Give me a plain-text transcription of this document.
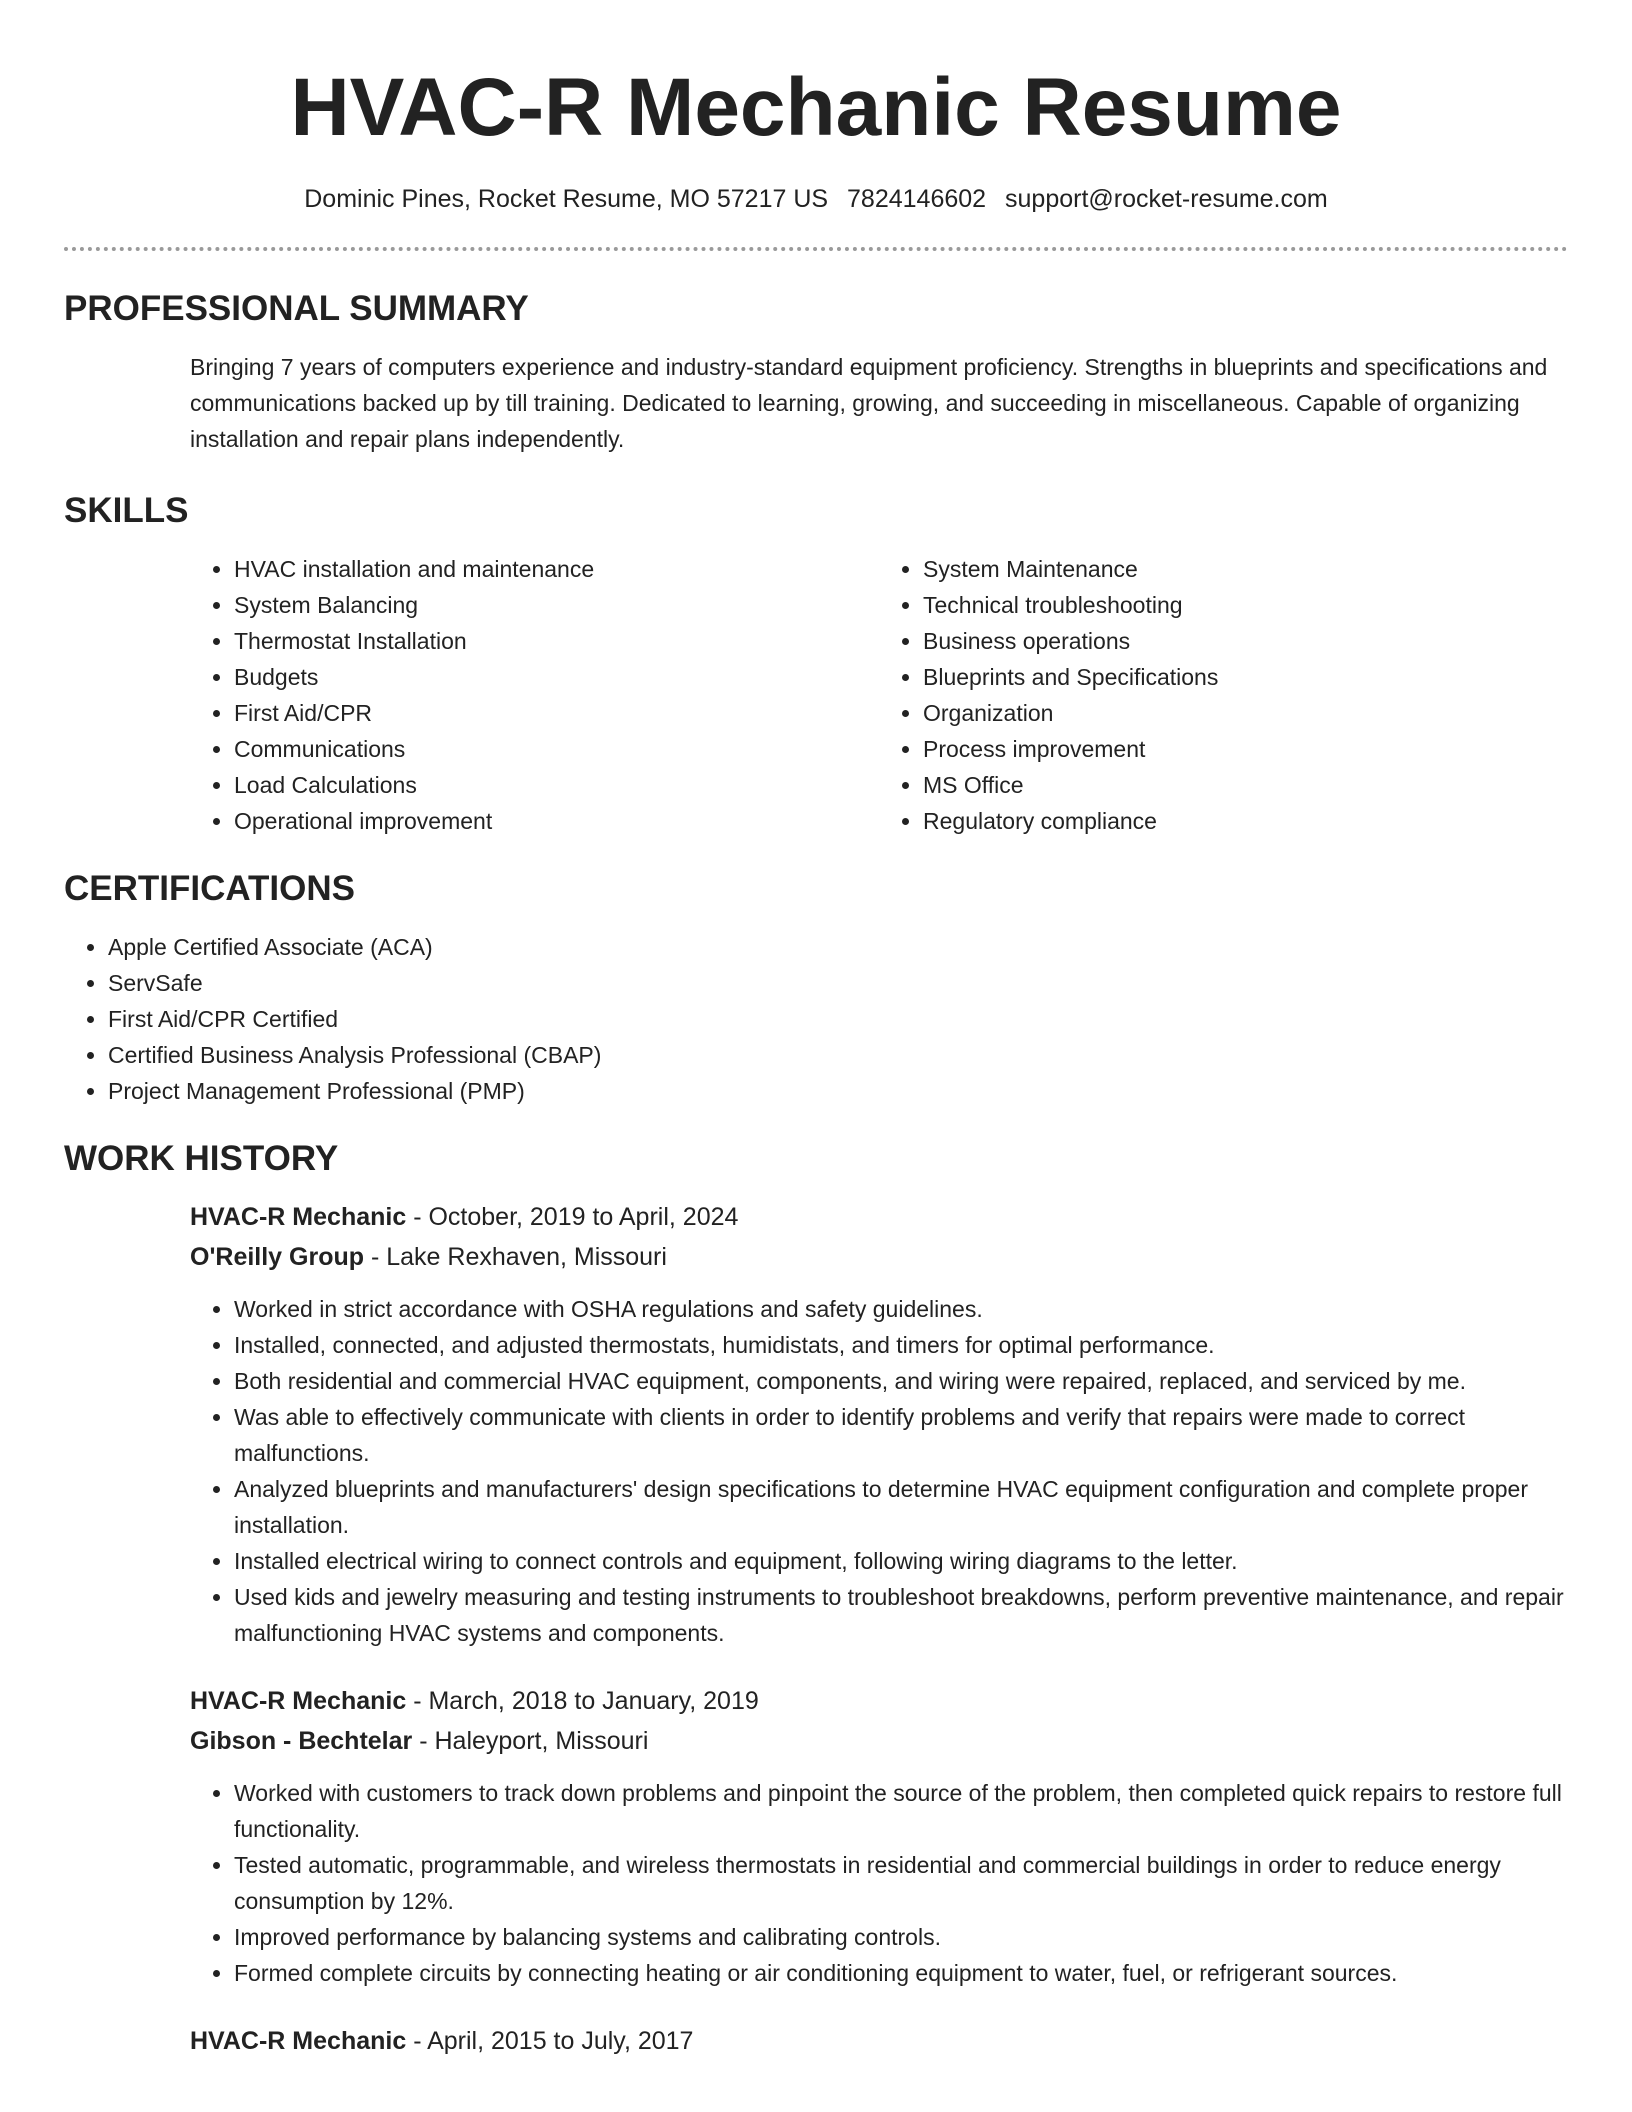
HVAC-R Mechanic Resume
Dominic Pines, Rocket Resume, MO 57217 US 7824146602 support@rocket-resume.com
PROFESSIONAL SUMMARY
Bringing 7 years of computers experience and industry-standard equipment proficiency. Strengths in blueprints and specifications and communications backed up by till training. Dedicated to learning, growing, and succeeding in miscellaneous. Capable of organizing installation and repair plans independently.
SKILLS
• HVAC installation and maintenance
• System Balancing
• Thermostat Installation
• Budgets
• First Aid/CPR
• Communications
• Load Calculations
• Operational improvement
• System Maintenance
• Technical troubleshooting
• Business operations
• Blueprints and Specifications
• Organization
• Process improvement
• MS Office
• Regulatory compliance
CERTIFICATIONS
• Apple Certified Associate (ACA)
• ServSafe
• First Aid/CPR Certified
• Certified Business Analysis Professional (CBAP)
• Project Management Professional (PMP)
WORK HISTORY
HVAC-R Mechanic - October, 2019 to April, 2024
O'Reilly Group - Lake Rexhaven, Missouri
• Worked in strict accordance with OSHA regulations and safety guidelines.
• Installed, connected, and adjusted thermostats, humidistats, and timers for optimal performance.
• Both residential and commercial HVAC equipment, components, and wiring were repaired, replaced, and serviced by me.
• Was able to effectively communicate with clients in order to identify problems and verify that repairs were made to correct malfunctions.
• Analyzed blueprints and manufacturers' design specifications to determine HVAC equipment configuration and complete proper installation.
• Installed electrical wiring to connect controls and equipment, following wiring diagrams to the letter.
• Used kids and jewelry measuring and testing instruments to troubleshoot breakdowns, perform preventive maintenance, and repair malfunctioning HVAC systems and components.
HVAC-R Mechanic - March, 2018 to January, 2019
Gibson - Bechtelar - Haleyport, Missouri
• Worked with customers to track down problems and pinpoint the source of the problem, then completed quick repairs to restore full functionality.
• Tested automatic, programmable, and wireless thermostats in residential and commercial buildings in order to reduce energy consumption by 12%.
• Improved performance by balancing systems and calibrating controls.
• Formed complete circuits by connecting heating or air conditioning equipment to water, fuel, or refrigerant sources.
HVAC-R Mechanic - April, 2015 to July, 2017
